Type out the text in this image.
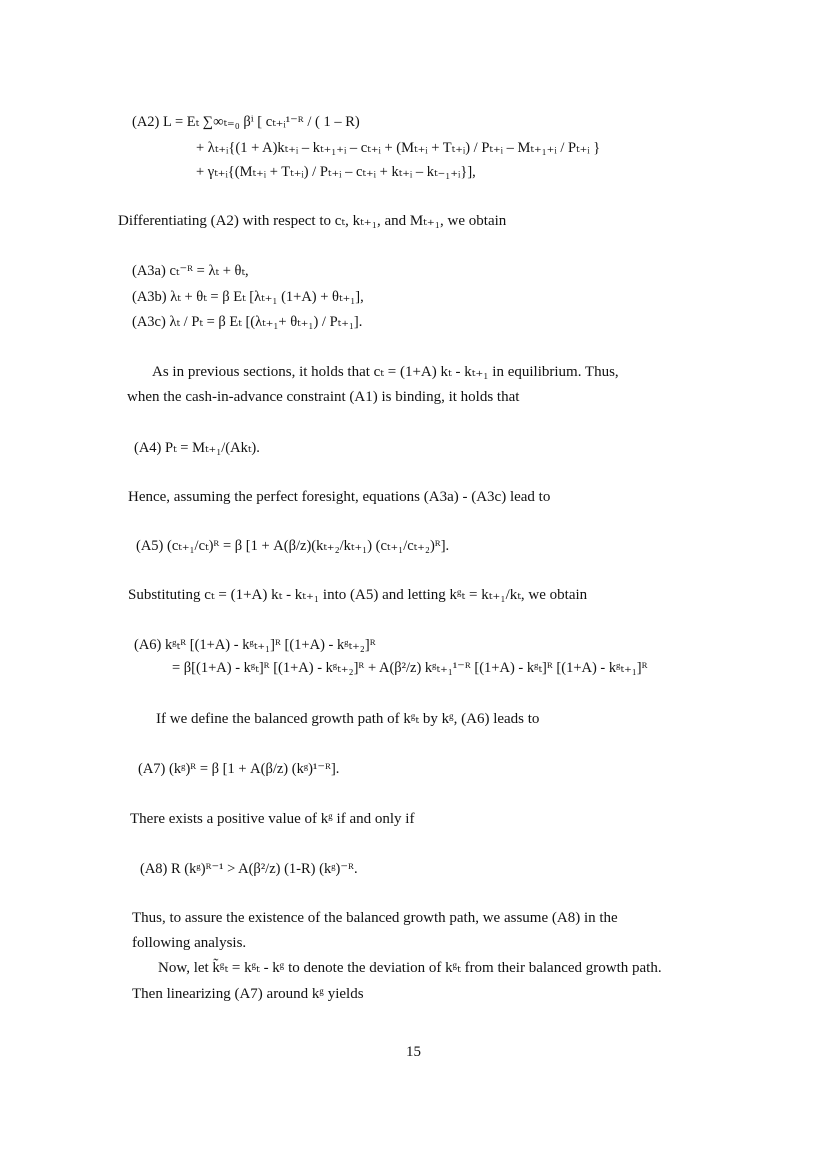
(A2) L = Eₜ ∑∞ₜ₌₀ βⁱ [ cₜ₊ᵢ¹⁻ᴿ / ( 1 – R)
+ λₜ₊ᵢ{(1 + A)kₜ₊ᵢ – kₜ₊₁₊ᵢ – cₜ₊ᵢ + (Mₜ₊ᵢ + Tₜ₊ᵢ) / Pₜ₊ᵢ – Mₜ₊₁₊ᵢ / Pₜ₊ᵢ }
+ γₜ₊ᵢ{(Mₜ₊ᵢ + Tₜ₊ᵢ) / Pₜ₊ᵢ – cₜ₊ᵢ + kₜ₊ᵢ – kₜ₋₁₊ᵢ}],
Differentiating (A2) with respect to cₜ, kₜ₊₁, and Mₜ₊₁, we obtain
(A3a) cₜ⁻ᴿ = λₜ + θₜ,
(A3b) λₜ + θₜ = β Eₜ [λₜ₊₁ (1+A) + θₜ₊₁],
(A3c) λₜ / Pₜ = β Eₜ [(λₜ₊₁+ θₜ₊₁) / Pₜ₊₁].
As in previous sections, it holds that cₜ = (1+A) kₜ - kₜ₊₁ in equilibrium. Thus,
when the cash-in-advance constraint (A1) is binding, it holds that
(A4) Pₜ = Mₜ₊₁/(Akₜ).
Hence, assuming the perfect foresight, equations (A3a) - (A3c) lead to
(A5) (cₜ₊₁/cₜ)ᴿ = β [1 + A(β/z)(kₜ₊₂/kₜ₊₁) (cₜ₊₁/cₜ₊₂)ᴿ].
Substituting cₜ = (1+A) kₜ - kₜ₊₁ into (A5) and letting kᵍₜ = kₜ₊₁/kₜ, we obtain
(A6) kᵍₜᴿ [(1+A) - kᵍₜ₊₁]ᴿ [(1+A) - kᵍₜ₊₂]ᴿ
= β[(1+A) - kᵍₜ]ᴿ [(1+A) - kᵍₜ₊₂]ᴿ + A(β²/z) kᵍₜ₊₁¹⁻ᴿ [(1+A) - kᵍₜ]ᴿ [(1+A) - kᵍₜ₊₁]ᴿ
If we define the balanced growth path of kᵍₜ by kᵍ, (A6) leads to
(A7) (kᵍ)ᴿ = β [1 + A(β/z) (kᵍ)¹⁻ᴿ].
There exists a positive value of kᵍ if and only if
(A8) R (kᵍ)ᴿ⁻¹ > A(β²/z) (1-R) (kᵍ)⁻ᴿ.
Thus, to assure the existence of the balanced growth path, we assume (A8) in the
following analysis.
Now, let k̃ᵍₜ = kᵍₜ - kᵍ to denote the deviation of kᵍₜ from their balanced growth path.
Then linearizing (A7) around kᵍ yields
15
